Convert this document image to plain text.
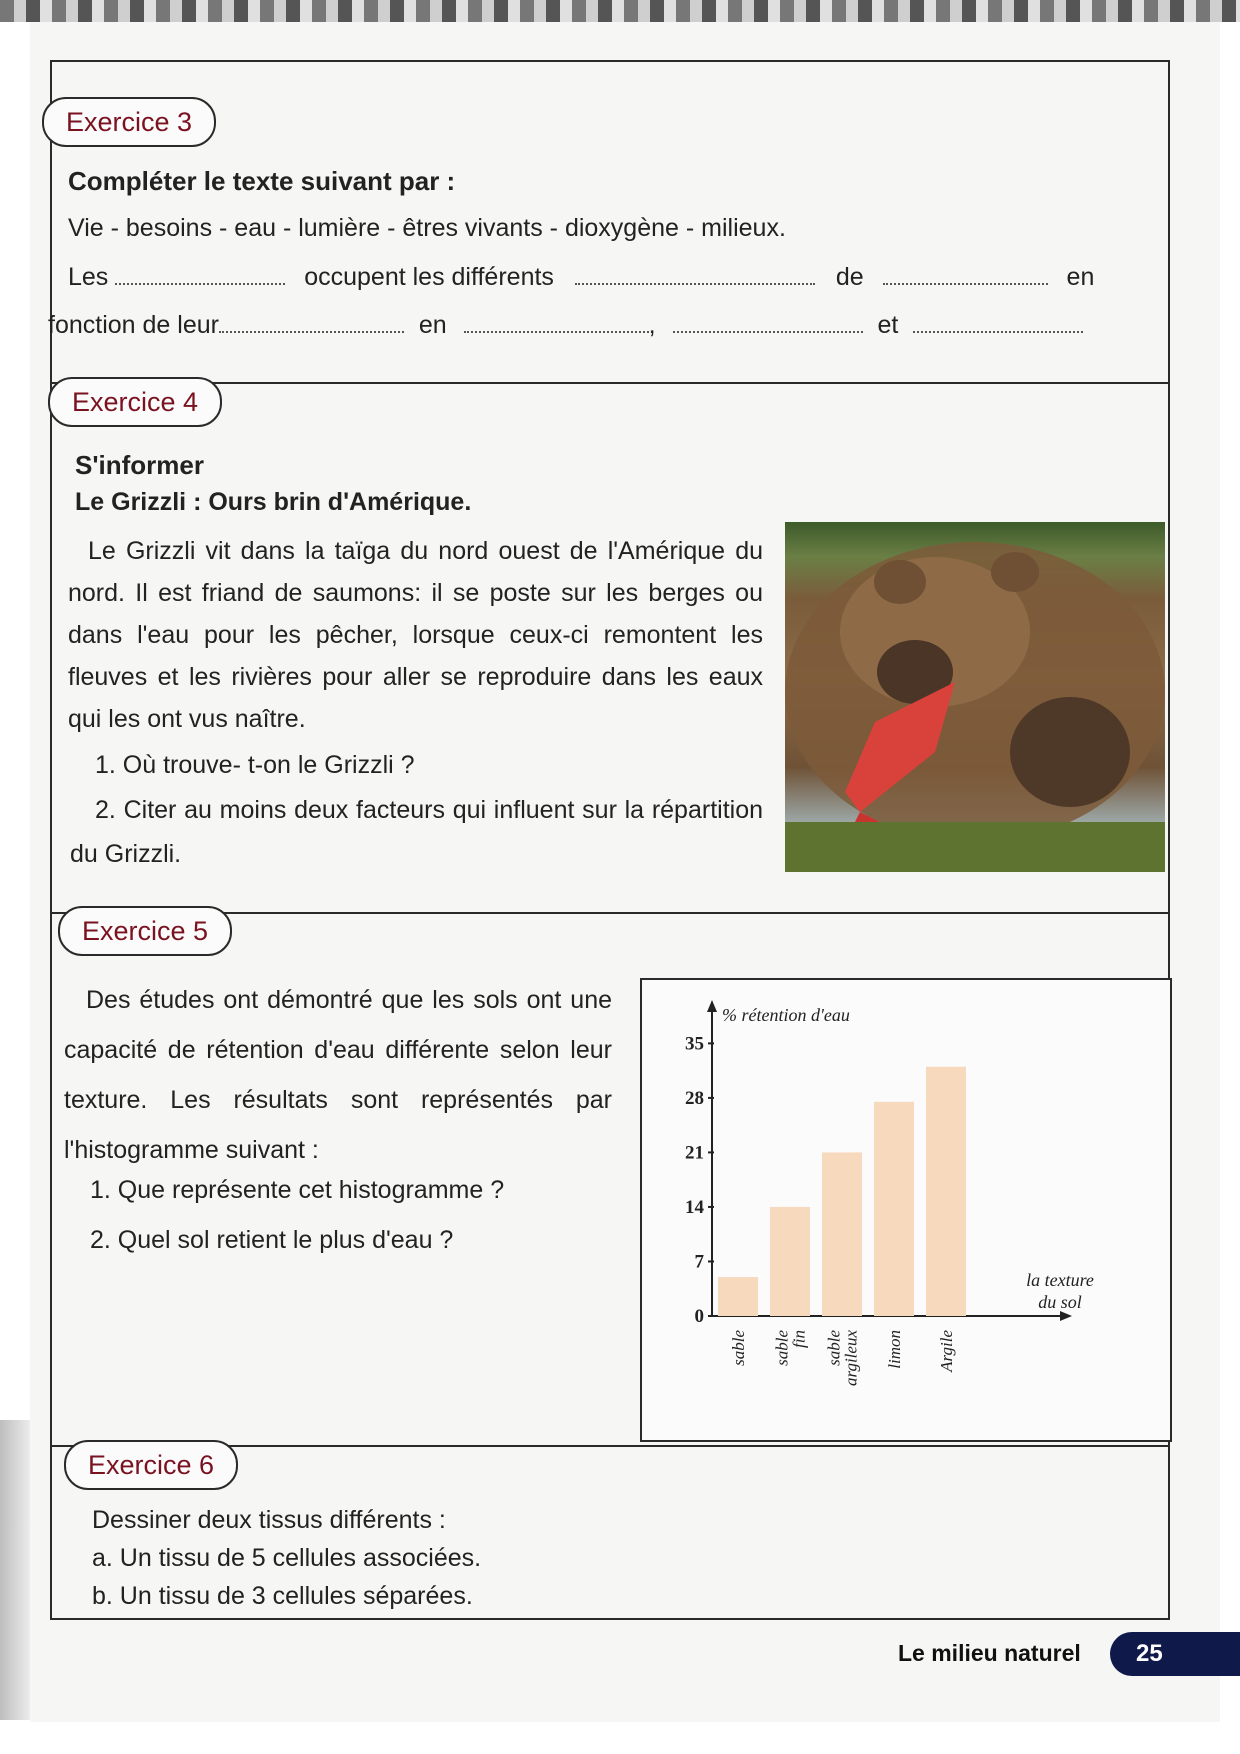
Exercice 3
Compléter le texte suivant par :
Vie - besoins - eau - lumière - êtres vivants - dioxygène - milieux.
Les	occupent les différents	de	en
fonction de leur	en	,	et
Exercice 4
S'informer
Le Grizzli : Ours brin d'Amérique.
Le Grizzli vit dans la taïga du nord ouest de l'Amérique du nord. Il est friand de saumons: il se poste sur les berges ou dans l'eau pour les pêcher, lorsque ceux-ci remontent les fleuves et les rivières pour aller se reproduire dans les eaux qui les ont vus naître.
1. Où trouve- t-on le Grizzli ?
2. Citer au moins deux facteurs qui influent sur la répartition du Grizzli.
Exercice 5
Des études ont démontré que les sols ont une capacité de rétention d'eau différente selon leur texture. Les résultats sont représentés par l'histogramme suivant :
1. Que représente cet histogramme ?
2. Quel sol retient le plus d'eau ?
% rétention d'eau
la texture du sol
0
7
14
21
28
35
sable sable
fin sable
argileux limon Argile
Exercice 6
Dessiner deux tissus différents :
a. Un tissu de 5 cellules associées.
b. Un tissu de 3 cellules séparées.
Le milieu naturel	25
